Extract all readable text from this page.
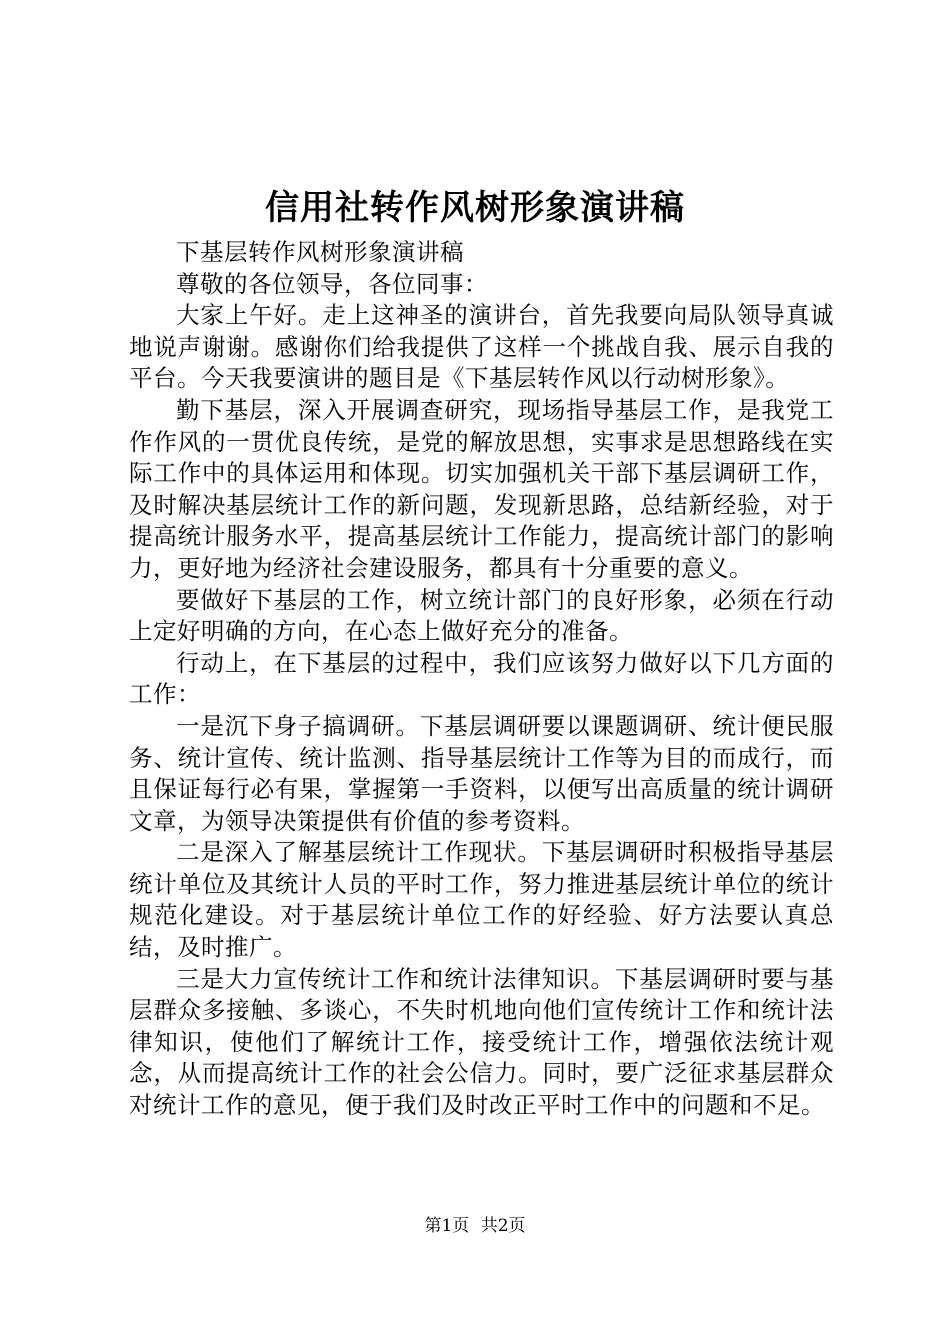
信用社转作风树形象演讲稿

下基层转作风树形象演讲稿

尊敬的各位领导，各位同事：

大家上午好。走上这神圣的演讲台，首先我要向局队领导真诚地说声谢谢。感谢你们给我提供了这样一个挑战自我、展示自我的平台。今天我要演讲的题目是《下基层转作风以行动树形象》。

勤下基层，深入开展调查研究，现场指导基层工作，是我党工作作风的一贯优良传统，是党的解放思想，实事求是思想路线在实际工作中的具体运用和体现。切实加强机关干部下基层调研工作，及时解决基层统计工作的新问题，发现新思路，总结新经验，对于提高统计服务水平，提高基层统计工作能力，提高统计部门的影响力，更好地为经济社会建设服务，都具有十分重要的意义。

要做好下基层的工作，树立统计部门的良好形象，必须在行动上定好明确的方向，在心态上做好充分的准备。

行动上，在下基层的过程中，我们应该努力做好以下几方面的工作：

一是沉下身子搞调研。下基层调研要以课题调研、统计便民服务、统计宣传、统计监测、指导基层统计工作等为目的而成行，而且保证每行必有果，掌握第一手资料，以便写出高质量的统计调研文章，为领导决策提供有价值的参考资料。

二是深入了解基层统计工作现状。下基层调研时积极指导基层统计单位及其统计人员的平时工作，努力推进基层统计单位的统计规范化建设。对于基层统计单位工作的好经验、好方法要认真总结，及时推广。

三是大力宣传统计工作和统计法律知识。下基层调研时要与基层群众多接触、多谈心，不失时机地向他们宣传统计工作和统计法律知识，使他们了解统计工作，接受统计工作，增强依法统计观念，从而提高统计工作的社会公信力。同时，要广泛征求基层群众对统计工作的意见，便于我们及时改正平时工作中的问题和不足。

第1页 共2页
